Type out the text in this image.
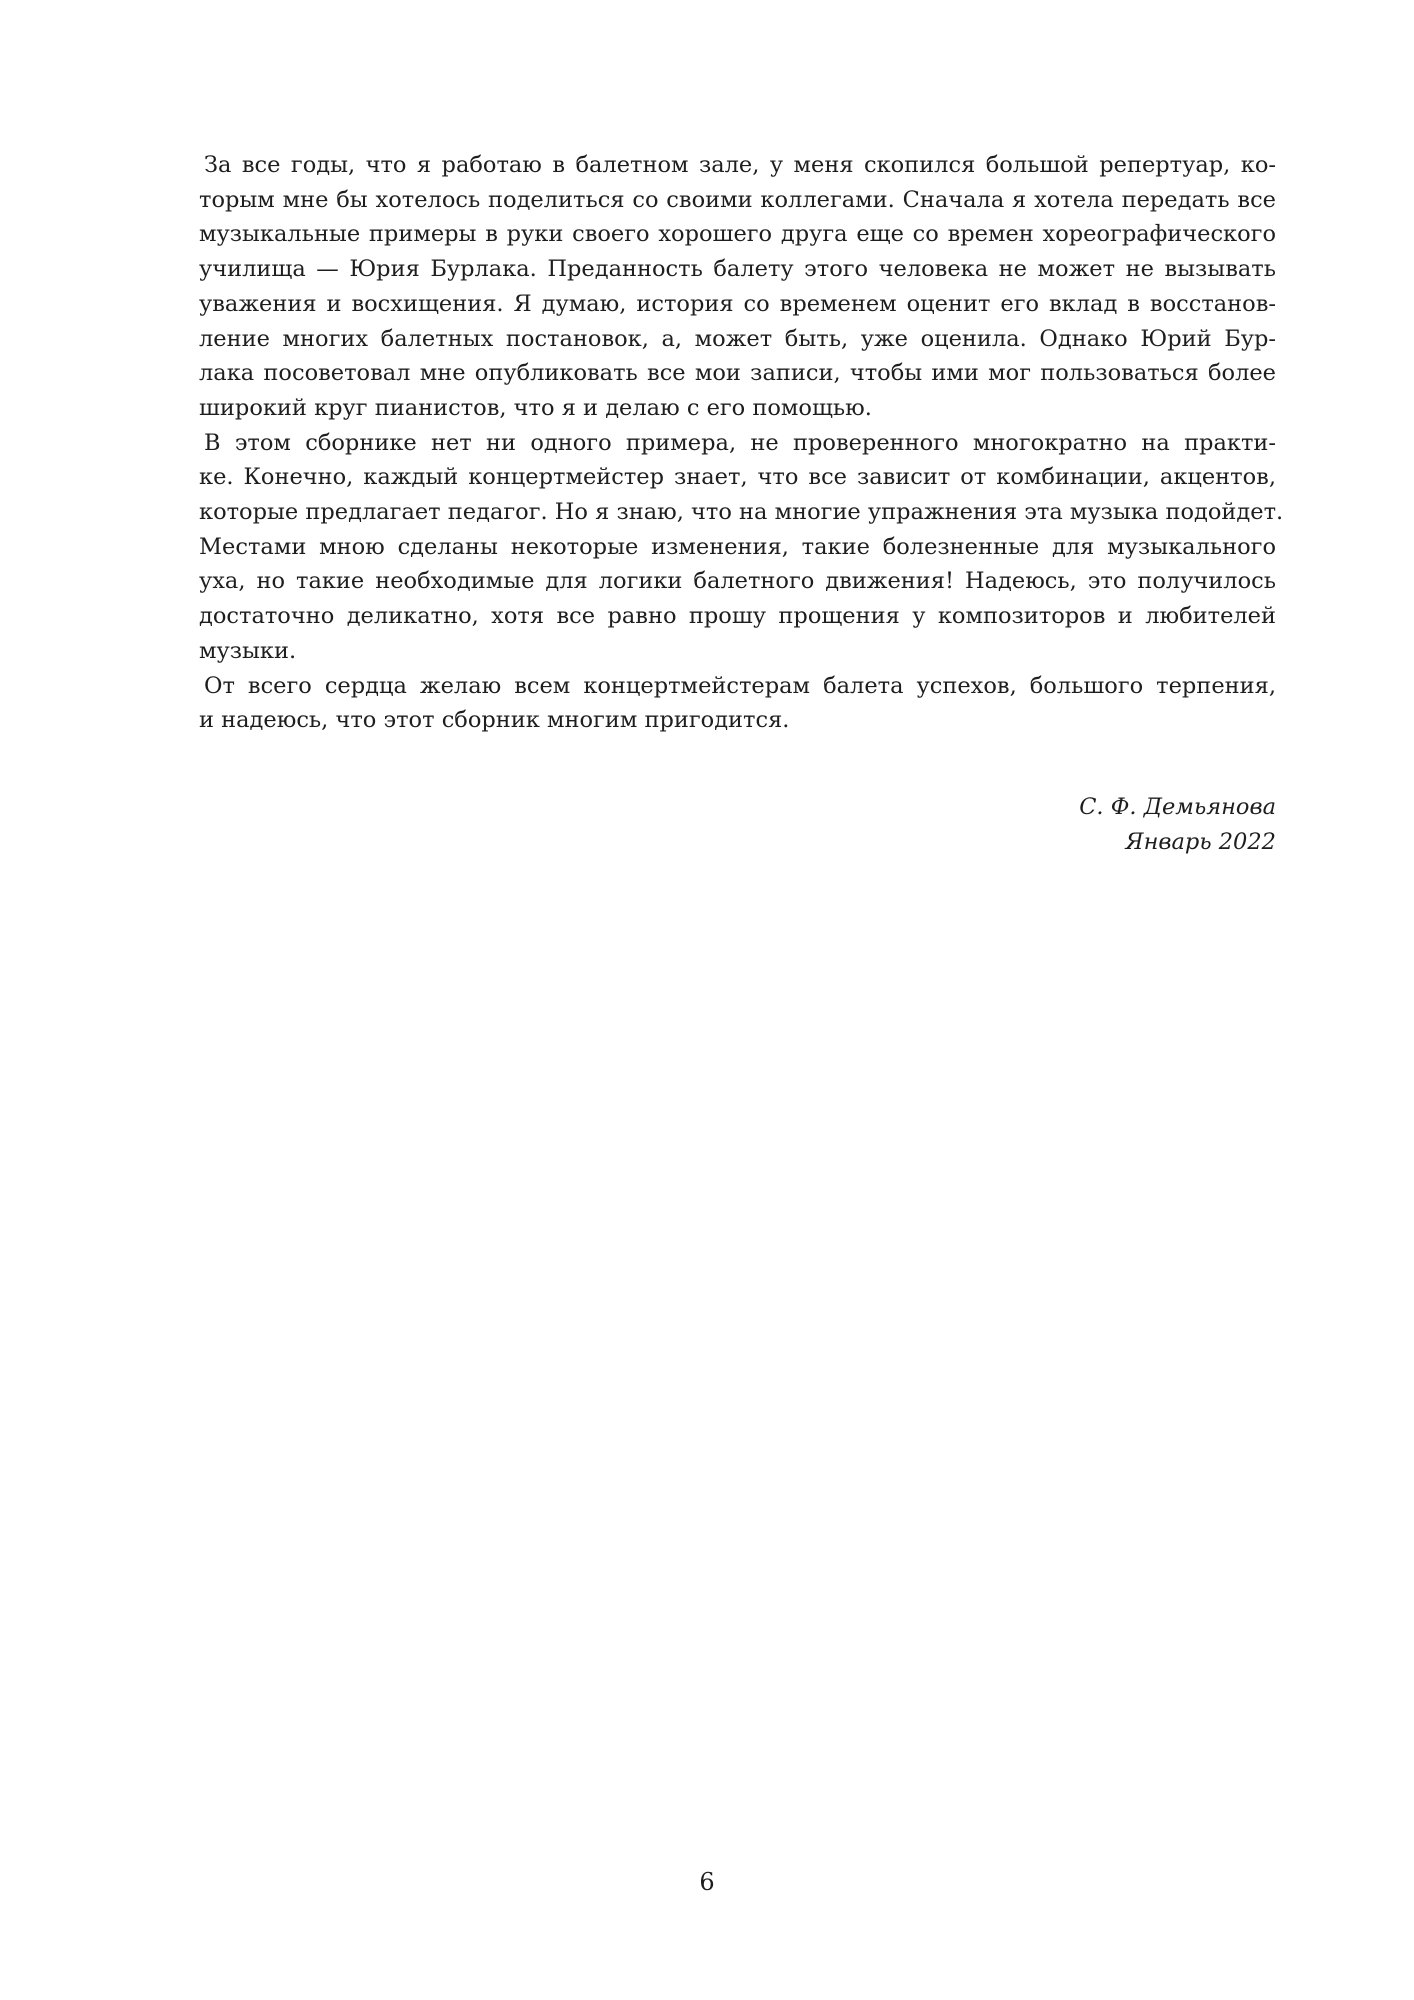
За все годы, что я работаю в балетном зале, у меня скопился большой репертуар, ко-
торым мне бы хотелось поделиться со своими коллегами. Сначала я хотела передать все
музыкальные примеры в руки своего хорошего друга еще со времен хореографического
училища — Юрия Бурлака. Преданность балету этого человека не может не вызывать
уважения и восхищения. Я думаю, история со временем оценит его вклад в восстанов-
ление многих балетных постановок, а, может быть, уже оценила. Однако Юрий Бур-
лака посоветовал мне опубликовать все мои записи, чтобы ими мог пользоваться более
широкий круг пианистов, что я и делаю с его помощью.

В этом сборнике нет ни одного примера, не проверенного многократно на практи-
ке. Конечно, каждый концертмейстер знает, что все зависит от комбинации, акцентов,
которые предлагает педагог. Но я знаю, что на многие упражнения эта музыка подойдет.
Местами мною сделаны некоторые изменения, такие болезненные для музыкального
уха, но такие необходимые для логики балетного движения! Надеюсь, это получилось
достаточно деликатно, хотя все равно прошу прощения у композиторов и любителей
музыки.

От всего сердца желаю всем концертмейстерам балета успехов, большого терпения,
и надеюсь, что этот сборник многим пригодится.

С. Ф. Демьянова
Январь 2022
6
